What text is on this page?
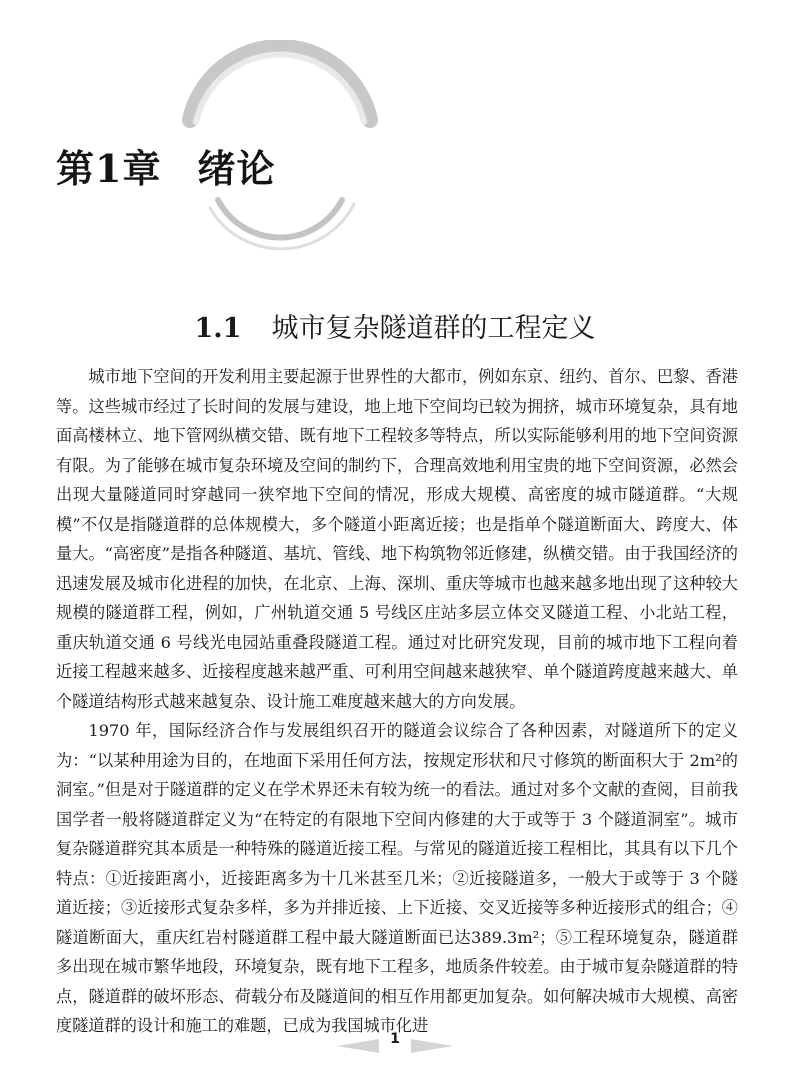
第1章 绪论
1.1 城市复杂隧道群的工程定义

城市地下空间的开发利用主要起源于世界性的大都市，例如东京、纽约、首尔、巴黎、香港等。这些城市经过了长时间的发展与建设，地上地下空间均已较为拥挤，城市环境复杂，具有地面高楼林立、地下管网纵横交错、既有地下工程较多等特点，所以实际能够利用的地下空间资源有限。为了能够在城市复杂环境及空间的制约下，合理高效地利用宝贵的地下空间资源，必然会出现大量隧道同时穿越同一狭窄地下空间的情况，形成大规模、高密度的城市隧道群。“大规模”不仅是指隧道群的总体规模大，多个隧道小距离近接；也是指单个隧道断面大、跨度大、体量大。“高密度”是指各种隧道、基坑、管线、地下构筑物邻近修建，纵横交错。由于我国经济的迅速发展及城市化进程的加快，在北京、上海、深圳、重庆等城市也越来越多地出现了这种较大规模的隧道群工程，例如，广州轨道交通 5 号线区庄站多层立体交叉隧道工程、小北站工程，重庆轨道交通 6 号线光电园站重叠段隧道工程。通过对比研究发现，目前的城市地下工程向着近接工程越来越多、近接程度越来越严重、可利用空间越来越狭窄、单个隧道跨度越来越大、单个隧道结构形式越来越复杂、设计施工难度越来越大的方向发展。

1970 年，国际经济合作与发展组织召开的隧道会议综合了各种因素，对隧道所下的定义为：“以某种用途为目的，在地面下采用任何方法，按规定形状和尺寸修筑的断面积大于 2m²的洞室。”但是对于隧道群的定义在学术界还未有较为统一的看法。通过对多个文献的查阅，目前我国学者一般将隧道群定义为“在特定的有限地下空间内修建的大于或等于 3 个隧道洞室”。城市复杂隧道群究其本质是一种特殊的隧道近接工程。与常见的隧道近接工程相比，其具有以下几个特点：①近接距离小，近接距离多为十几米甚至几米；②近接隧道多，一般大于或等于 3 个隧道近接；③近接形式复杂多样，多为并排近接、上下近接、交叉近接等多种近接形式的组合；④隧道断面大，重庆红岩村隧道群工程中最大隧道断面已达389.3m²；⑤工程环境复杂，隧道群多出现在城市繁华地段，环境复杂，既有地下工程多，地质条件较差。由于城市复杂隧道群的特点，隧道群的破坏形态、荷载分布及隧道间的相互作用都更加复杂。如何解决城市大规模、高密度隧道群的设计和施工的难题，已成为我国城市化进

1
